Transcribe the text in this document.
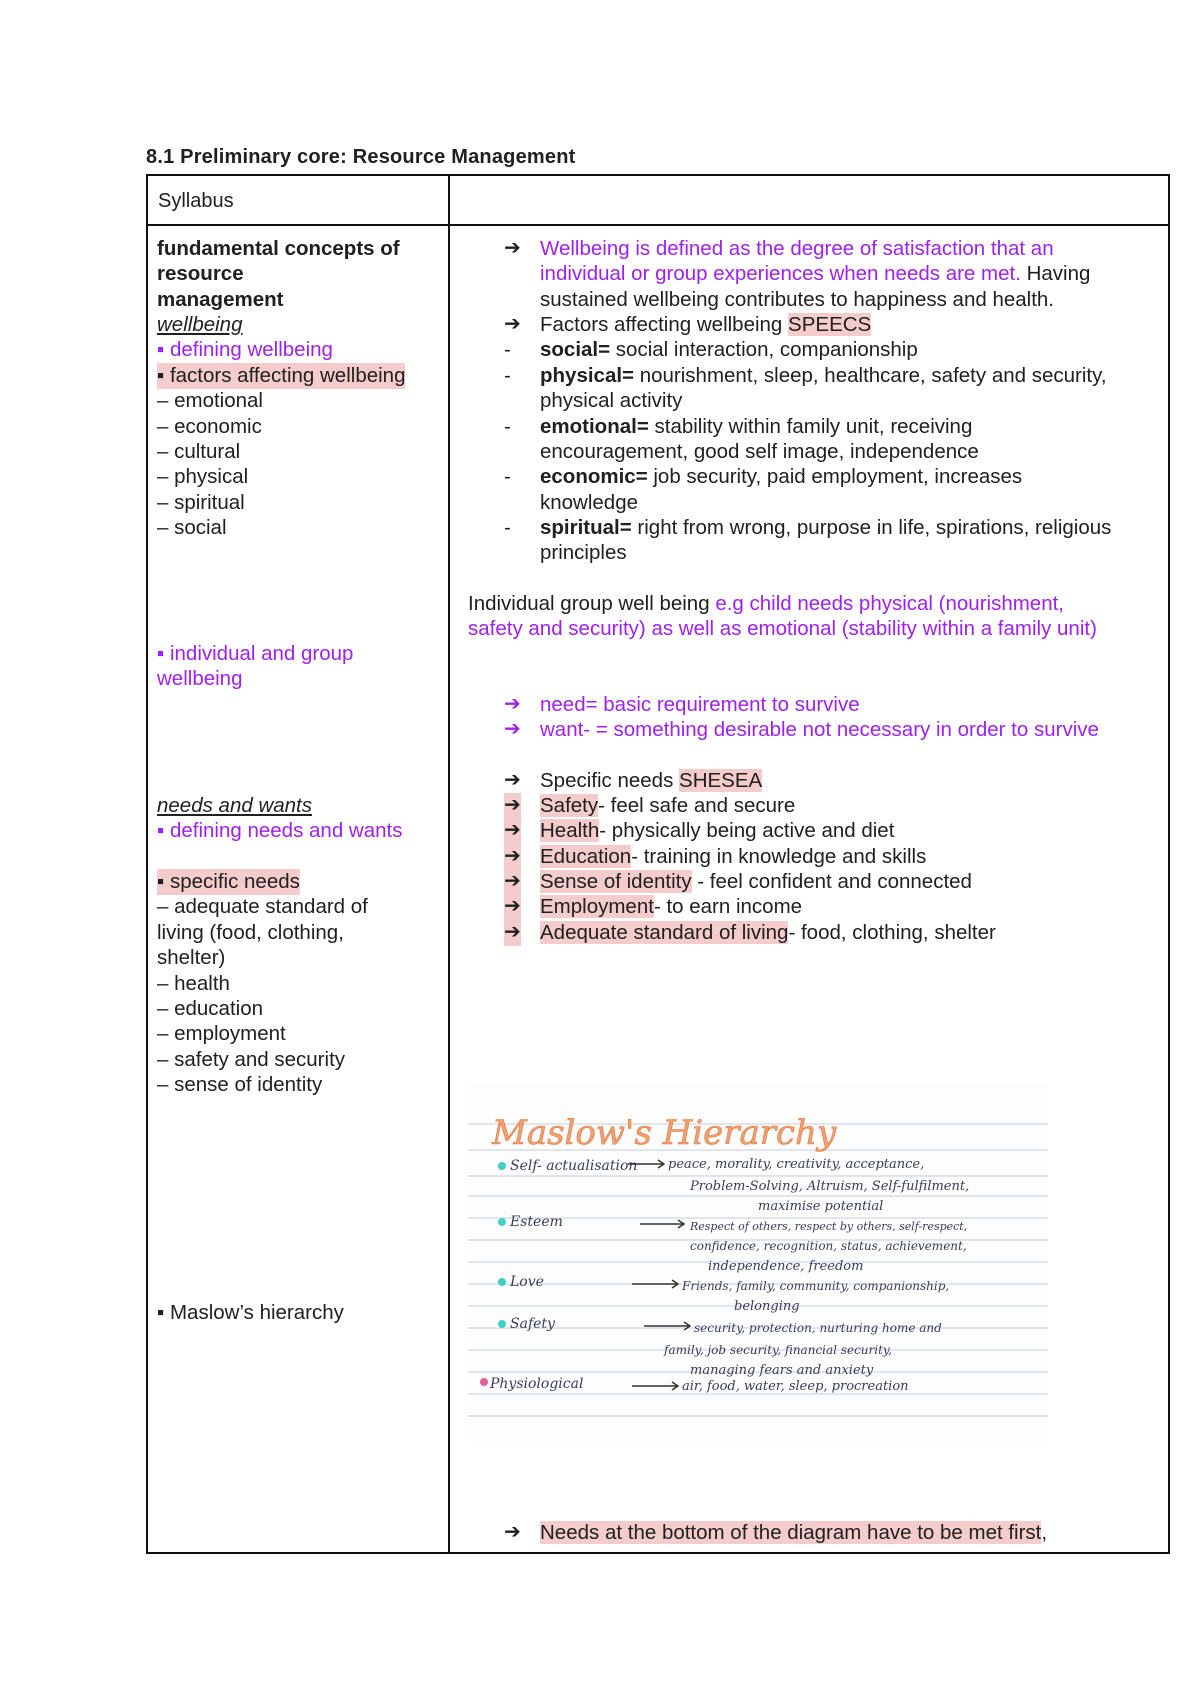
8.1 Preliminary core: Resource Management
Syllabus
fundamental concepts of
resource
management
wellbeing
▪ defining wellbeing
▪ factors affecting wellbeing
– emotional
– economic
– cultural
– physical
– spiritual
– social
▪ individual and group
wellbeing
needs and wants
▪ defining needs and wants
▪ specific needs
– adequate standard of
living (food, clothing,
shelter)
– health
– education
– employment
– safety and security
– sense of identity
▪ Maslow’s hierarchy
➔ Wellbeing is defined as the degree of satisfaction that an
individual or group experiences when needs are met. Having
sustained wellbeing contributes to happiness and health.
➔ Factors affecting wellbeing SPEECS
- social= social interaction, companionship
- physical= nourishment, sleep, healthcare, safety and security,
physical activity
- emotional= stability within family unit, receiving
encouragement, good self image, independence
- economic= job security, paid employment, increases
knowledge
- spiritual= right from wrong, purpose in life, spirations, religious
principles
Individual group well being e.g child needs physical (nourishment,
safety and security) as well as emotional (stability within a family unit)
➔ need= basic requirement to survive
➔ want- = something desirable not necessary in order to survive
➔ Specific needs SHESEA
➔ Safety- feel safe and secure
➔ Health- physically being active and diet
➔ Education- training in knowledge and skills
➔ Sense of identity - feel confident and connected
➔ Employment- to earn income
➔ Adequate standard of living- food, clothing, shelter
Maslow's Hierarchy
Self- actualisation peace, morality, creativity, acceptance,
Problem-Solving, Altruism, Self-fulfilment,
maximise potential
Esteem	Respect of others, respect by others, self-respect,
confidence, recognition, status, achievement,
independence, freedom
Love	Friends, family, community, companionship,
belonging
Safety	security, protection, nurturing home and
family, job security, financial security,
managing fears and anxiety
Physiological	air, food, water, sleep, procreation
➔ Needs at the bottom of the diagram have to be met first,
